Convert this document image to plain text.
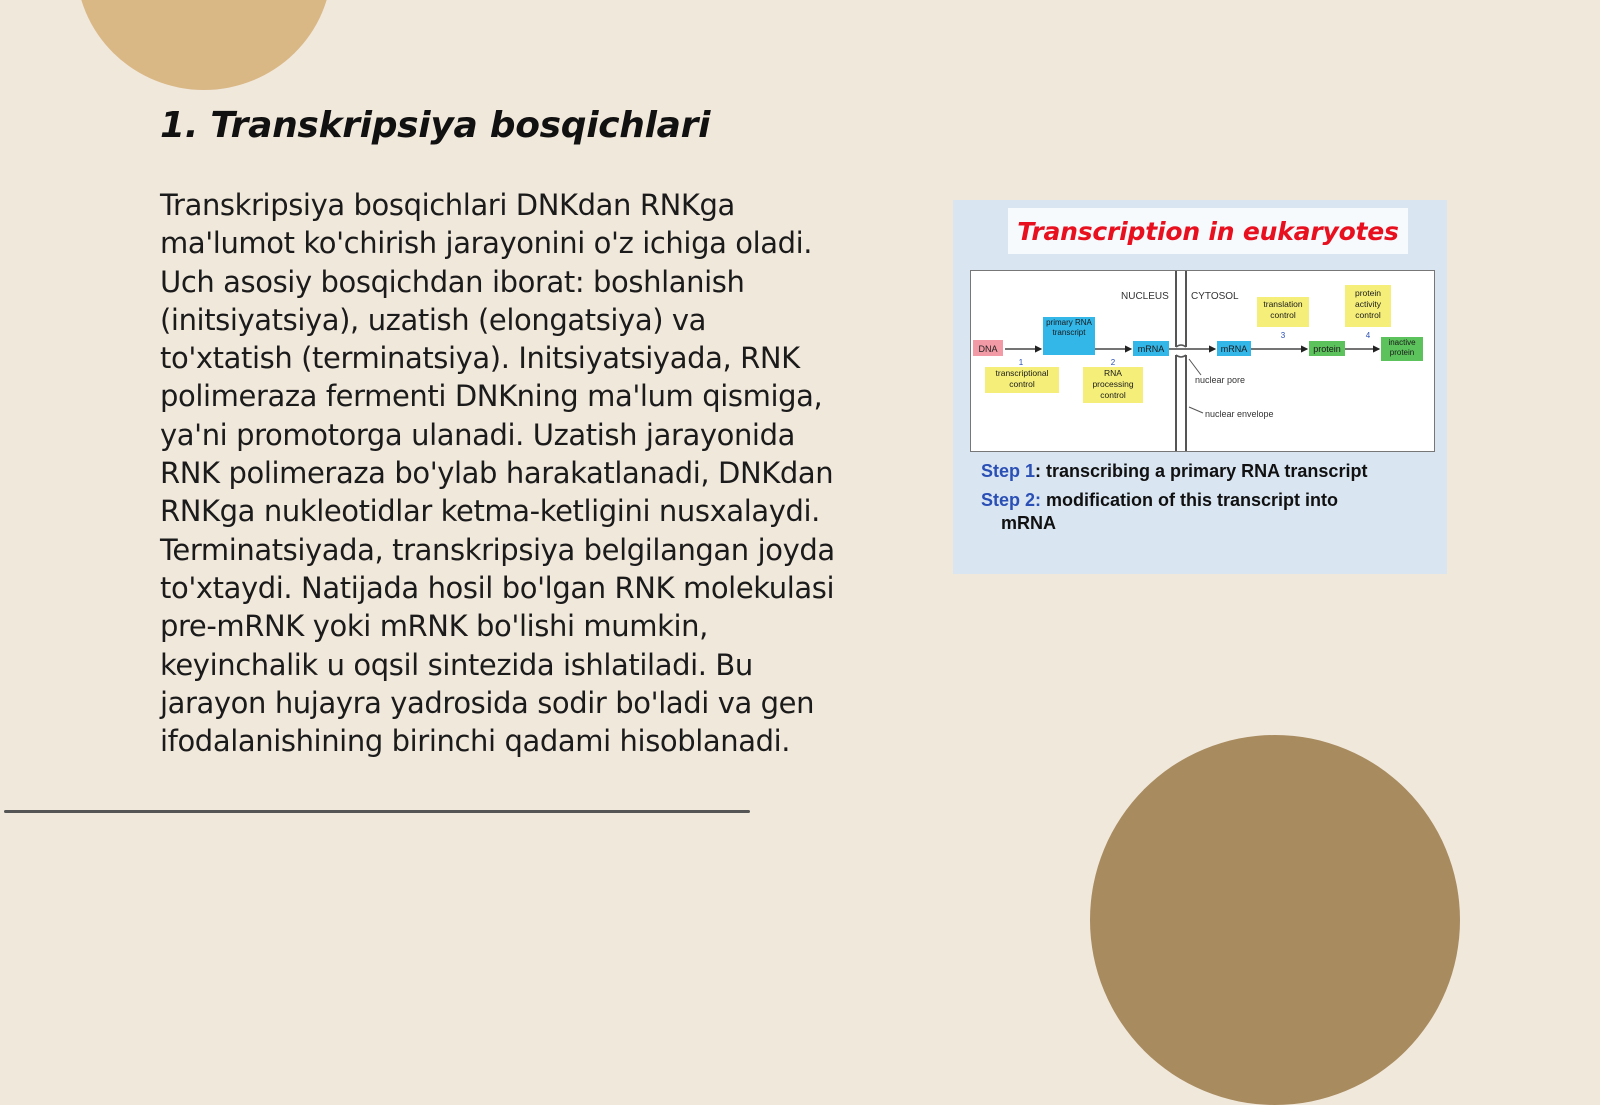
1. Transkripsiya bosqichlari

Transkripsiya bosqichlari DNKdan RNKga ma'lumot ko'chirish jarayonini o'z ichiga oladi. Uch asosiy bosqichdan iborat: boshlanish (initsiyatsiya), uzatish (elongatsiya) va to'xtatish (terminatsiya). Initsiyatsiyada, RNK polimeraza fermenti DNKning ma'lum qismiga, ya'ni promotorga ulanadi. Uzatish jarayonida RNK polimeraza bo'ylab harakatlanadi, DNKdan RNKga nukleotidlar ketma-ketligini nusxalaydi. Terminatsiyada, transkripsiya belgilangan joyda to'xtaydi. Natijada hosil bo'lgan RNK molekulasi pre-mRNK yoki mRNK bo'lishi mumkin, keyinchalik u oqsil sintezida ishlatiladi. Bu jarayon hujayra yadrosida sodir bo'ladi va gen ifodalanishining birinchi qadami hisoblanadi.

Transcription in eukaryotes
NUCLEUS CYTOSOL
DNA
primary RNA transcript
mRNA	mRNA	protein
inactive protein
1
transcriptional control
2
RNA processing control
translation control
3
protein activity control
4
nuclear pore
nuclear envelope

Step 1: transcribing a primary RNA transcript

Step 2: modification of this transcript into
mRNA
